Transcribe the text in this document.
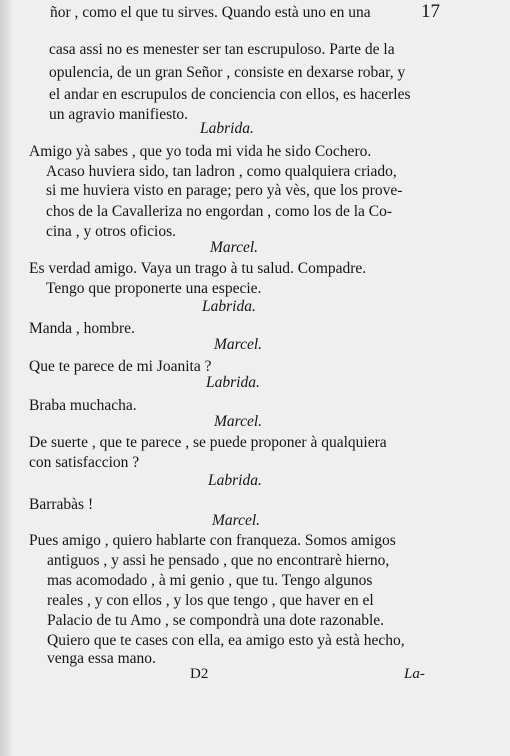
17
ñor , como el que tu sirves. Quando està uno en una
casa assi no es menester ser tan escrupuloso. Parte de la
opulencia, de un gran Señor , consiste en dexarse robar, y
el andar en escrupulos de conciencia con ellos, es hacerles
un agravio manifiesto.
Labrida.
Amigo yà sabes , que yo toda mi vida he sido Cochero.
Acaso huviera sido, tan ladron , como qualquiera criado,
si me huviera visto en parage; pero yà vès, que los prove-
chos de la Cavalleriza no engordan , como los de la Co-
cina , y otros oficios.
Marcel.
Es verdad amigo. Vaya un trago à tu salud. Compadre.
Tengo que proponerte una especie.
Labrida.
Manda , hombre.
Marcel.
Que te parece de mi Joanita ?
Labrida.
Braba muchacha.
Marcel.
De suerte , que te parece , se puede proponer à qualquiera
con satisfaccion ?
Labrida.
Barrabàs !
Marcel.
Pues amigo , quiero hablarte con franqueza. Somos amigos
antiguos , y assi he pensado , que no encontrarè hierno,
mas acomodado , à mi genio , que tu. Tengo algunos
reales , y con ellos , y los que tengo , que haver en el
Palacio de tu Amo , se compondrà una dote razonable.
Quiero que te cases con ella, ea amigo esto yà està hecho,
venga essa mano.
D2	La-
